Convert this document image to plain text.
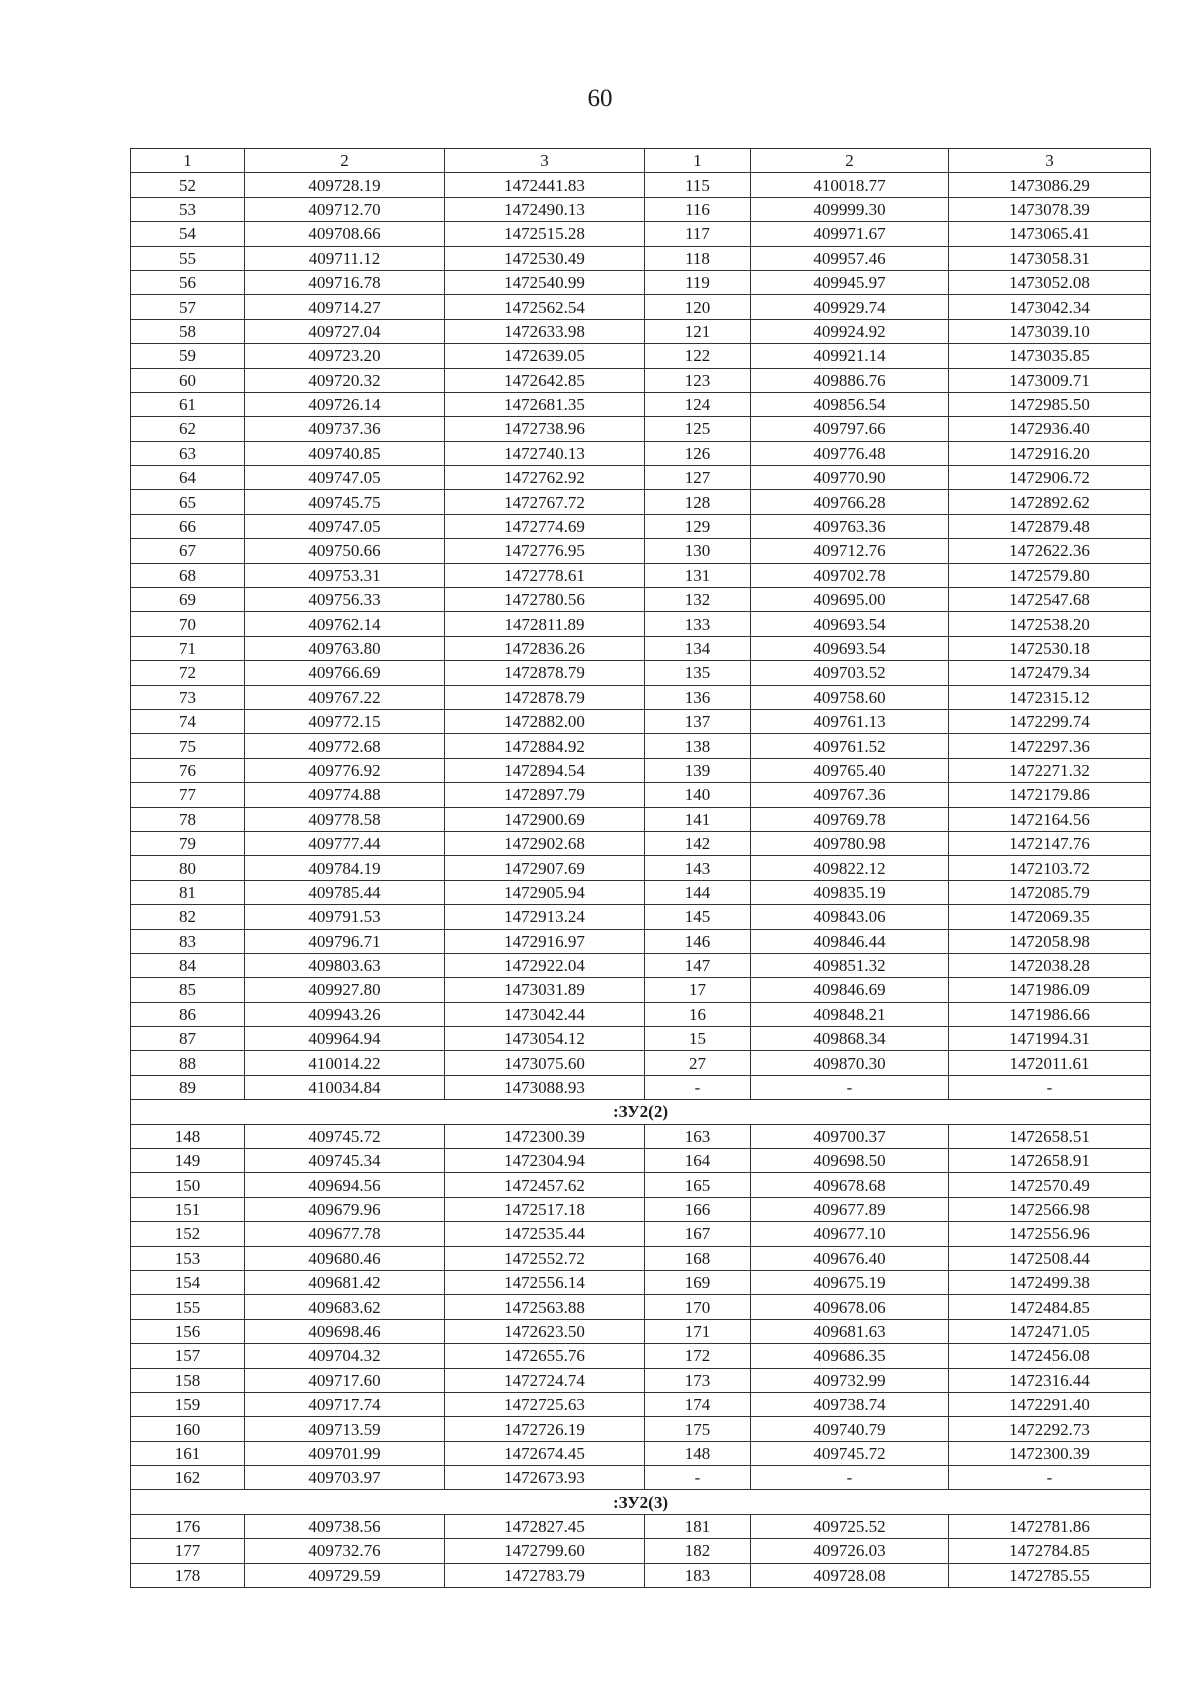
60
1	2	3	1	2	3
52	409728.19	1472441.83	115	410018.77	1473086.29
53	409712.70	1472490.13	116	409999.30	1473078.39
54	409708.66	1472515.28	117	409971.67	1473065.41
55	409711.12	1472530.49	118	409957.46	1473058.31
56	409716.78	1472540.99	119	409945.97	1473052.08
57	409714.27	1472562.54	120	409929.74	1473042.34
58	409727.04	1472633.98	121	409924.92	1473039.10
59	409723.20	1472639.05	122	409921.14	1473035.85
60	409720.32	1472642.85	123	409886.76	1473009.71
61	409726.14	1472681.35	124	409856.54	1472985.50
62	409737.36	1472738.96	125	409797.66	1472936.40
63	409740.85	1472740.13	126	409776.48	1472916.20
64	409747.05	1472762.92	127	409770.90	1472906.72
65	409745.75	1472767.72	128	409766.28	1472892.62
66	409747.05	1472774.69	129	409763.36	1472879.48
67	409750.66	1472776.95	130	409712.76	1472622.36
68	409753.31	1472778.61	131	409702.78	1472579.80
69	409756.33	1472780.56	132	409695.00	1472547.68
70	409762.14	1472811.89	133	409693.54	1472538.20
71	409763.80	1472836.26	134	409693.54	1472530.18
72	409766.69	1472878.79	135	409703.52	1472479.34
73	409767.22	1472878.79	136	409758.60	1472315.12
74	409772.15	1472882.00	137	409761.13	1472299.74
75	409772.68	1472884.92	138	409761.52	1472297.36
76	409776.92	1472894.54	139	409765.40	1472271.32
77	409774.88	1472897.79	140	409767.36	1472179.86
78	409778.58	1472900.69	141	409769.78	1472164.56
79	409777.44	1472902.68	142	409780.98	1472147.76
80	409784.19	1472907.69	143	409822.12	1472103.72
81	409785.44	1472905.94	144	409835.19	1472085.79
82	409791.53	1472913.24	145	409843.06	1472069.35
83	409796.71	1472916.97	146	409846.44	1472058.98
84	409803.63	1472922.04	147	409851.32	1472038.28
85	409927.80	1473031.89	17	409846.69	1471986.09
86	409943.26	1473042.44	16	409848.21	1471986.66
87	409964.94	1473054.12	15	409868.34	1471994.31
88	410014.22	1473075.60	27	409870.30	1472011.61
89	410034.84	1473088.93	-	-	-
:ЗУ2(2)					
148	409745.72	1472300.39	163	409700.37	1472658.51
149	409745.34	1472304.94	164	409698.50	1472658.91
150	409694.56	1472457.62	165	409678.68	1472570.49
151	409679.96	1472517.18	166	409677.89	1472566.98
152	409677.78	1472535.44	167	409677.10	1472556.96
153	409680.46	1472552.72	168	409676.40	1472508.44
154	409681.42	1472556.14	169	409675.19	1472499.38
155	409683.62	1472563.88	170	409678.06	1472484.85
156	409698.46	1472623.50	171	409681.63	1472471.05
157	409704.32	1472655.76	172	409686.35	1472456.08
158	409717.60	1472724.74	173	409732.99	1472316.44
159	409717.74	1472725.63	174	409738.74	1472291.40
160	409713.59	1472726.19	175	409740.79	1472292.73
161	409701.99	1472674.45	148	409745.72	1472300.39
162	409703.97	1472673.93	-	-	-
:ЗУ2(3)					
176	409738.56	1472827.45	181	409725.52	1472781.86
177	409732.76	1472799.60	182	409726.03	1472784.85
178	409729.59	1472783.79	183	409728.08	1472785.55
